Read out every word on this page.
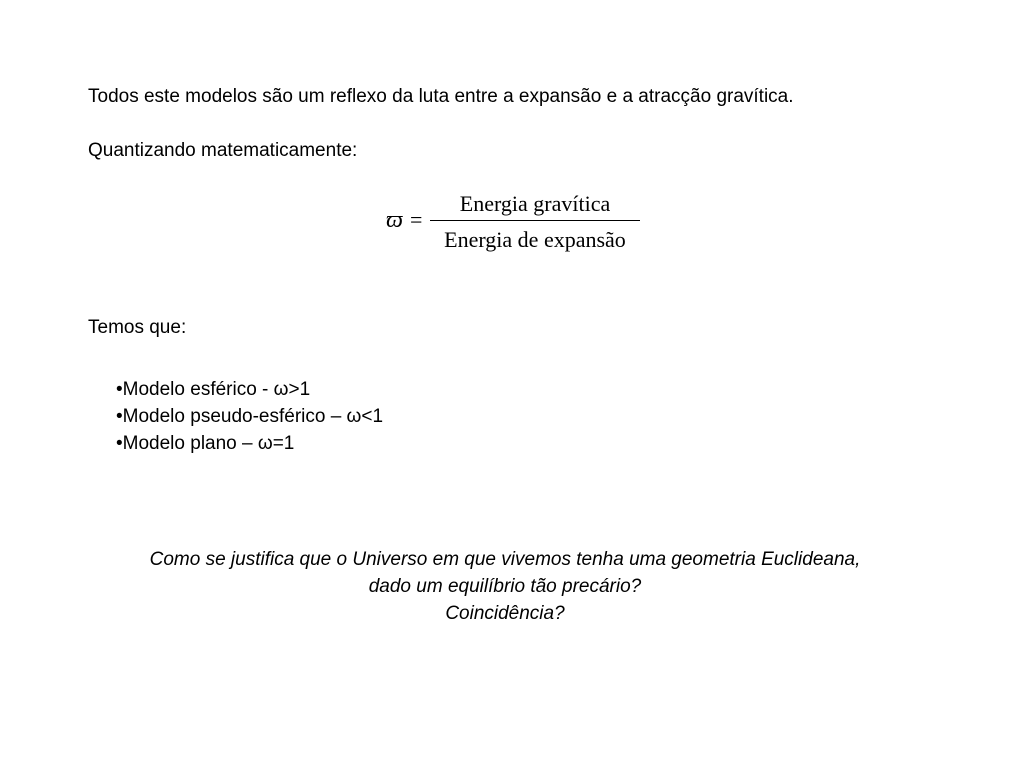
Todos este modelos são um reflexo da luta entre a expansão e a atracção gravítica.
Quantizando matematicamente:
ϖ =
Energia gravítica
Energia de expansão
Temos que:
•Modelo esférico - ω>1
•Modelo pseudo-esférico – ω<1
•Modelo plano – ω=1
Como se justifica que o Universo em que vivemos tenha uma geometria Euclideana,
dado um equilíbrio tão precário?
Coincidência?
